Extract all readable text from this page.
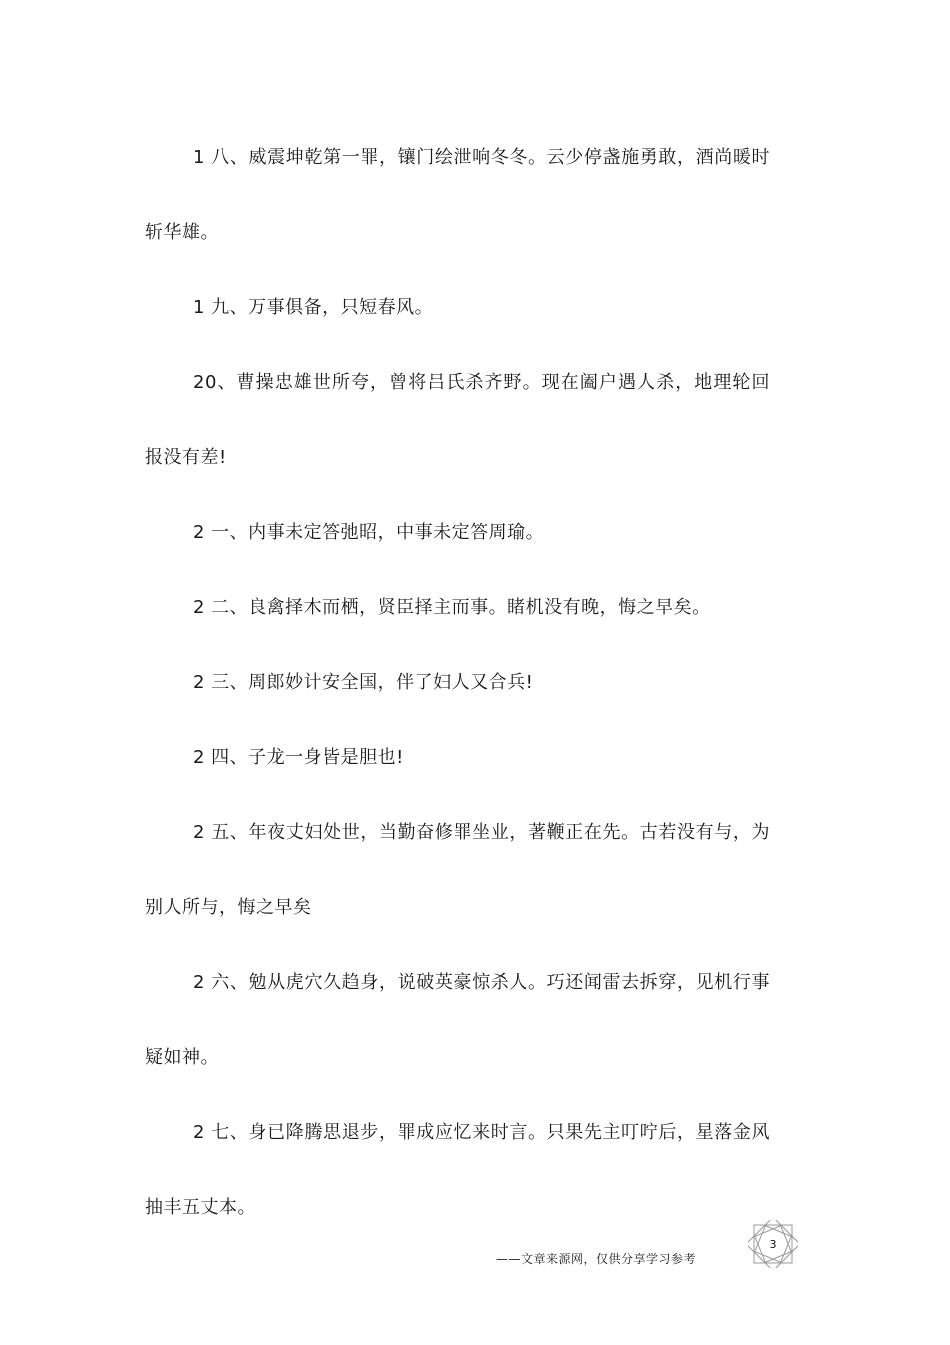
1 八、威震坤乾第一罪，镶门绘泄响冬冬。云少停盏施勇敢，酒尚暖时斩华雄。

1 九、万事俱备，只短春风。

20、曹操忠雄世所夸，曾将吕氏杀齐野。现在阖户遇人杀，地理轮回报没有差!

2 一、内事未定答弛昭，中事未定答周瑜。

2 二、良禽择木而栖，贤臣择主而事。睹机没有晚，悔之早矣。

2 三、周郎妙计安全国，伴了妇人又合兵!

2 四、子龙一身皆是胆也!

2 五、年夜丈妇处世，当勤奋修罪坐业，著鞭正在先。古若没有与，为别人所与，悔之早矣

2 六、勉从虎穴久趋身，说破英豪惊杀人。巧还闻雷去拆穿，见机行事疑如神。

2 七、身已降腾思退步，罪成应忆来时言。只果先主叮咛后，星落金风抽丰五丈本。

3
——文章来源网，仅供分享学习参考
